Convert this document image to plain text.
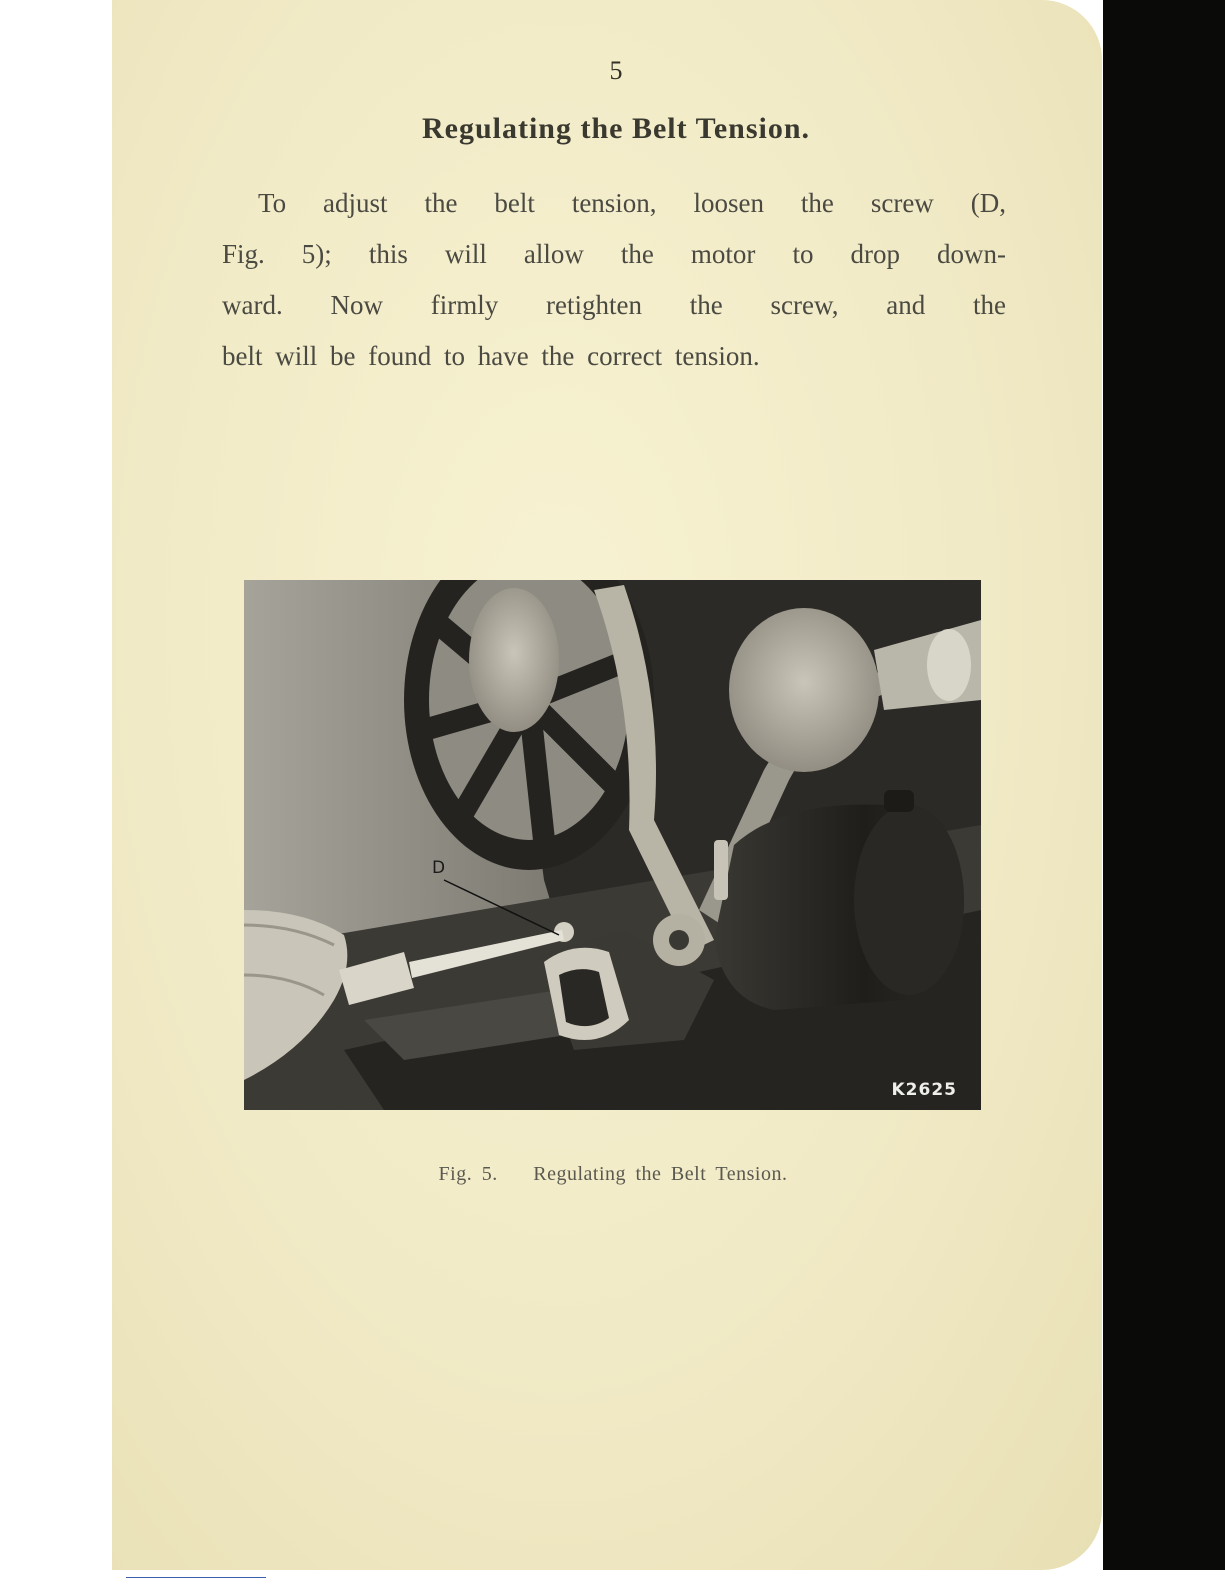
5
Regulating the Belt Tension.
To adjust the belt tension, loosen the screw (D,
Fig. 5); this will allow the motor to drop down-
ward. Now firmly retighten the screw, and the
belt will be found to have the correct tension.
D
K2625
Fig. 5. Regulating the Belt Tension.
